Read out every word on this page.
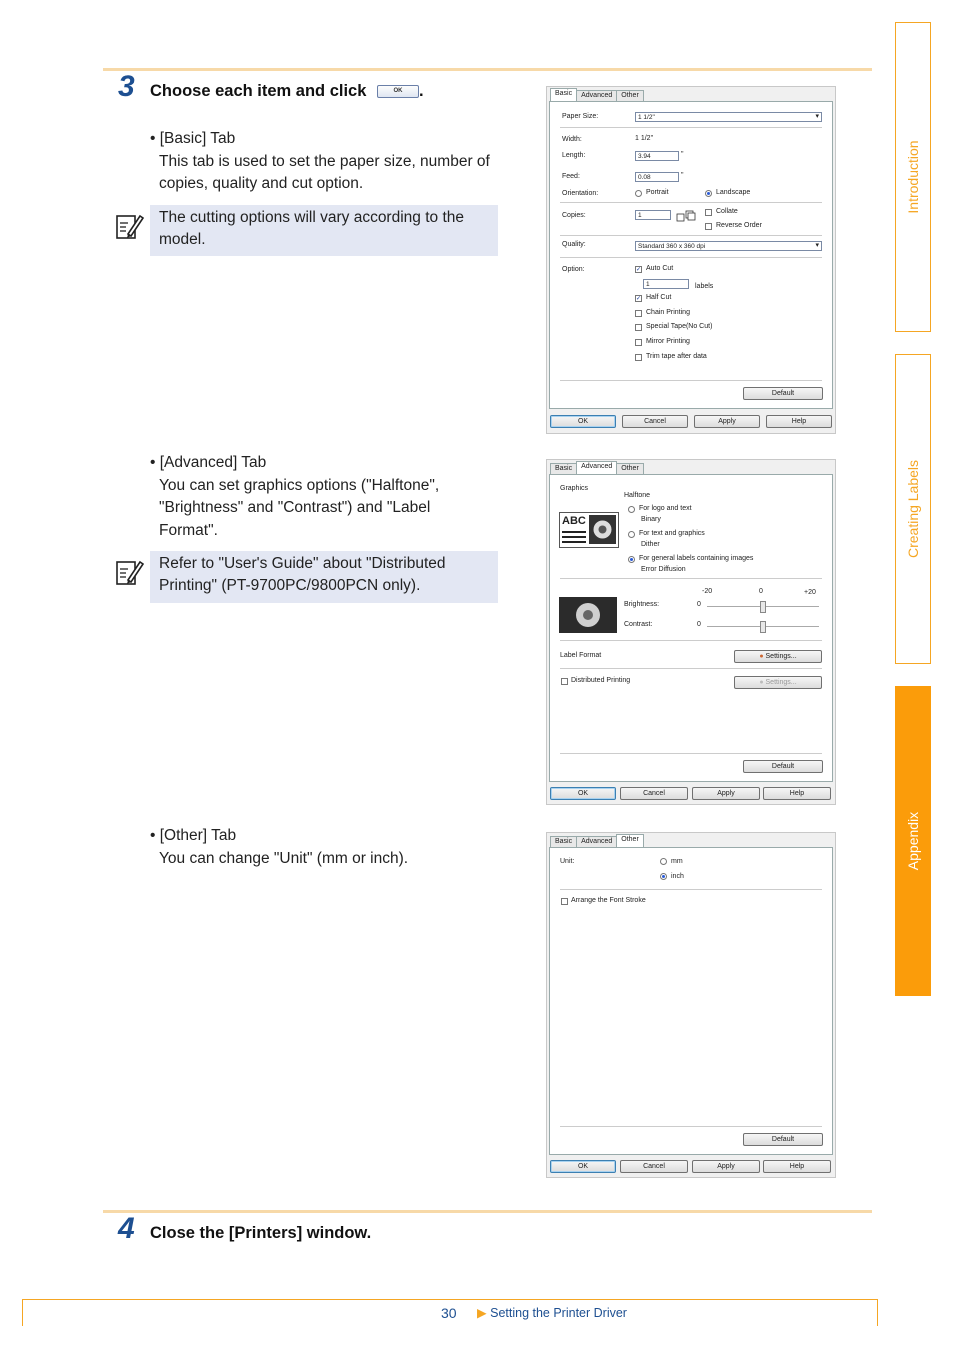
3 Choose each item and click	OK .
• [Basic] Tab
This tab is used to set the paper size, number of
copies, quality and cut option.
The cutting options will vary according to the
model.
Basic	Advanced	Other
Paper Size:	1 1/2" ▾
Width:	1 1/2"
Length:	3.94	"
Feed:	0.08	"
Orientation:	Portrait	Landscape
Copies:	1
Collate
Reverse Order
Quality:	Standard 360 x 360 dpi ▾
Option:	✓ Auto Cut
1	labels
✓ Half Cut
Chain Printing
Special Tape(No Cut)
Mirror Printing
Trim tape after data
Default
OK	Cancel	Apply	Help
• [Advanced] Tab
You can set graphics options ("Halftone",
"Brightness" and "Contrast") and "Label
Format".
Refer to "User's Guide" about "Distributed
Printing" (PT-9700PC/9800PCN only).
Basic	Advanced	Other
Graphics
Halftone
ABC
For logo and text
Binary
For text and graphics
Dither
For general labels containing images
Error Diffusion
-20	0	+20
Brightness:	0
Contrast:	0
Label Format	● Settings...
Distributed Printing	● Settings...
Default
OK	Cancel	Apply	Help
• [Other] Tab
You can change "Unit" (mm or inch).
Basic	Advanced	Other
Unit:	mm
inch
Arrange the Font Stroke
Default
OK	Cancel	Apply	Help
4 Close the [Printers] window.
Introduction
Creating Labels
Appendix
30 ▶ Setting the Printer Driver
